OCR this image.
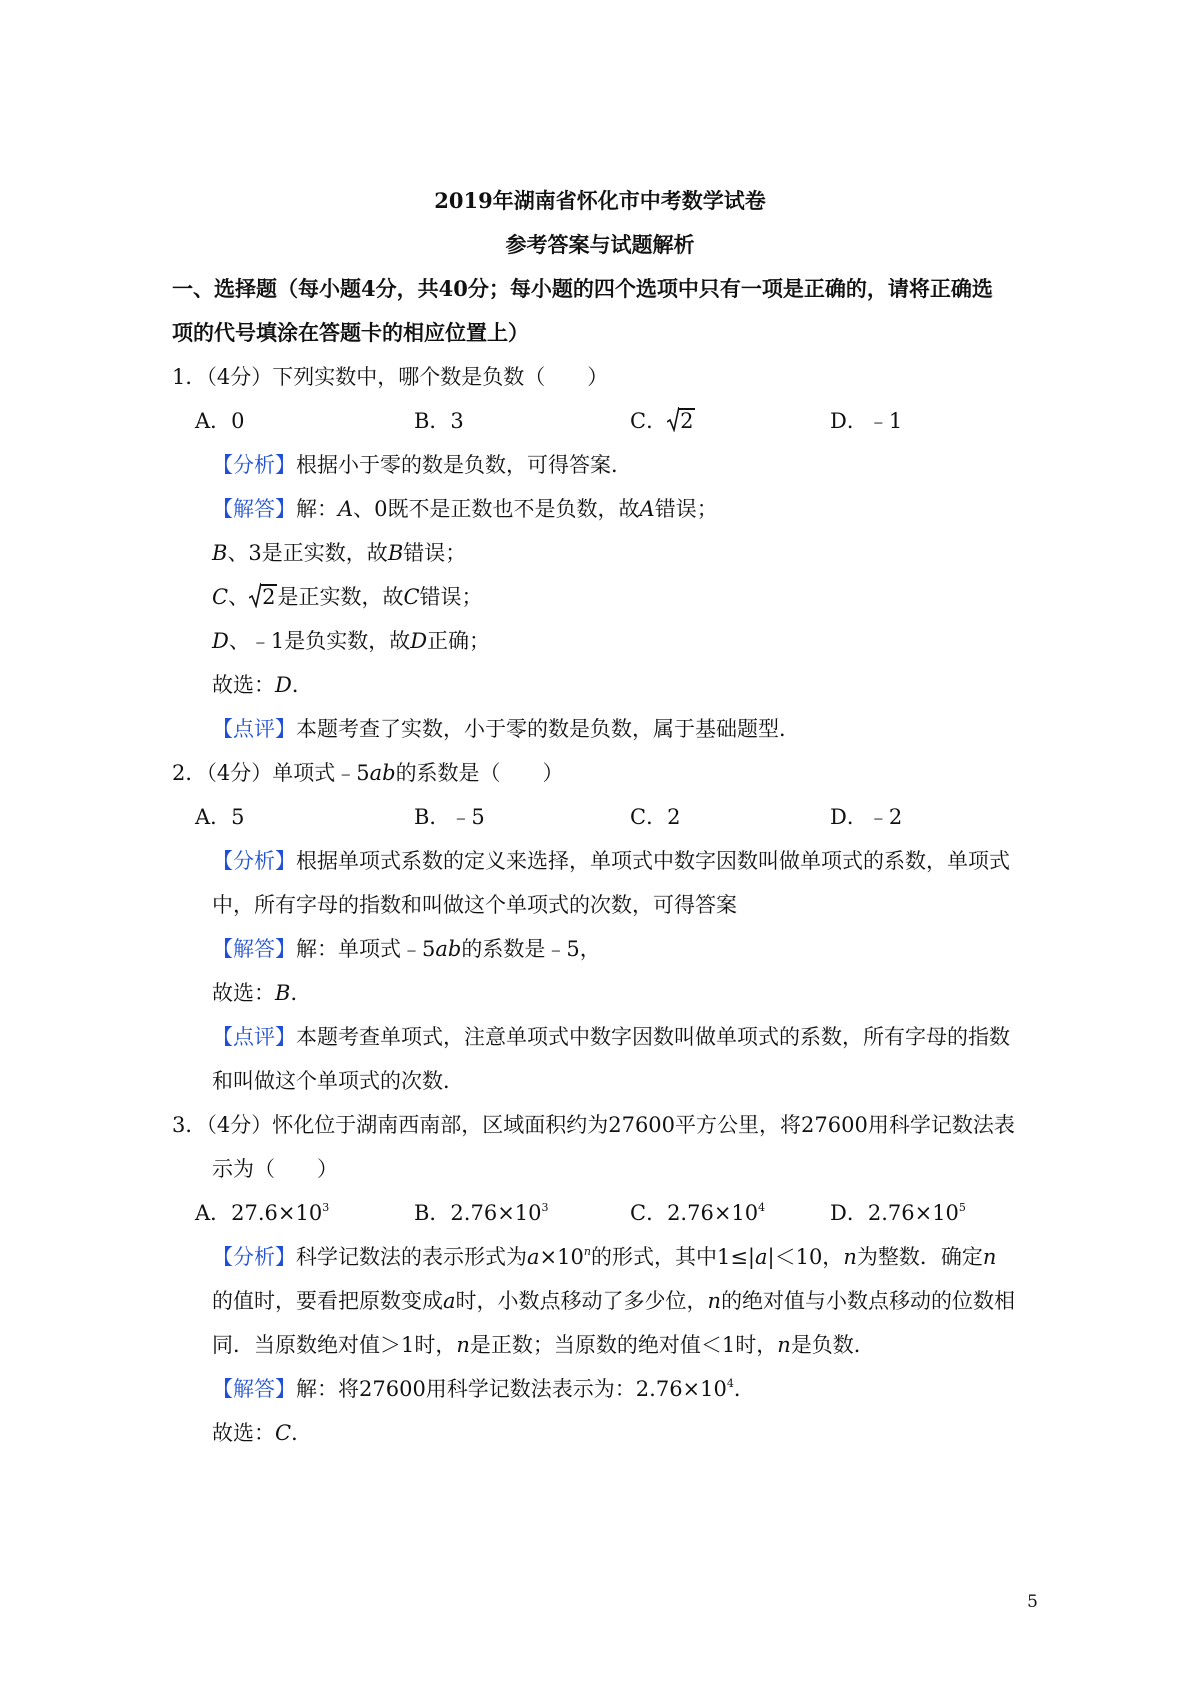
2019年湖南省怀化市中考数学试卷
参考答案与试题解析
一、选择题（每小题4分，共40分；每小题的四个选项中只有一项是正确的，请将正确选
项的代号填涂在答题卡的相应位置上）
1．（4分）下列实数中，哪个数是负数（　　）
A．0	B．3	C． 2	D．﹣1
【分析】根据小于零的数是负数，可得答案．
【解答】解：A、0既不是正数也不是负数，故A错误；
B、3是正实数，故B错误；
C、 2 是正实数，故C错误；
D、﹣1是负实数，故D正确；
故选：D．
【点评】本题考查了实数，小于零的数是负数，属于基础题型．
2．（4分）单项式﹣5ab的系数是（　　）
A．5	B．﹣5	C．2	D．﹣2
【分析】根据单项式系数的定义来选择，单项式中数字因数叫做单项式的系数，单项式
中，所有字母的指数和叫做这个单项式的次数，可得答案
【解答】解：单项式﹣5ab的系数是﹣5，
故选：B．
【点评】本题考查单项式，注意单项式中数字因数叫做单项式的系数，所有字母的指数
和叫做这个单项式的次数．
3．（4分）怀化位于湖南西南部，区域面积约为27600平方公里，将27600用科学记数法表
示为（　　）
A．$27.6\times 10^3$	B．$2.76\times 10^3$	C．$2.76\times 10^4$	D．$2.76\times 10^5$
【分析】科学记数法的表示形式为$a\times 10^n$的形式，其中1≤|a|＜10，n为整数．确定n
的值时，要看把原数变成a时，小数点移动了多少位，n的绝对值与小数点移动的位数相
同．当原数绝对值＞1时，n是正数；当原数的绝对值＜1时，n是负数．
【解答】解：将27600用科学记数法表示为：$2.76\times 10^4$．
故选：C．
5
